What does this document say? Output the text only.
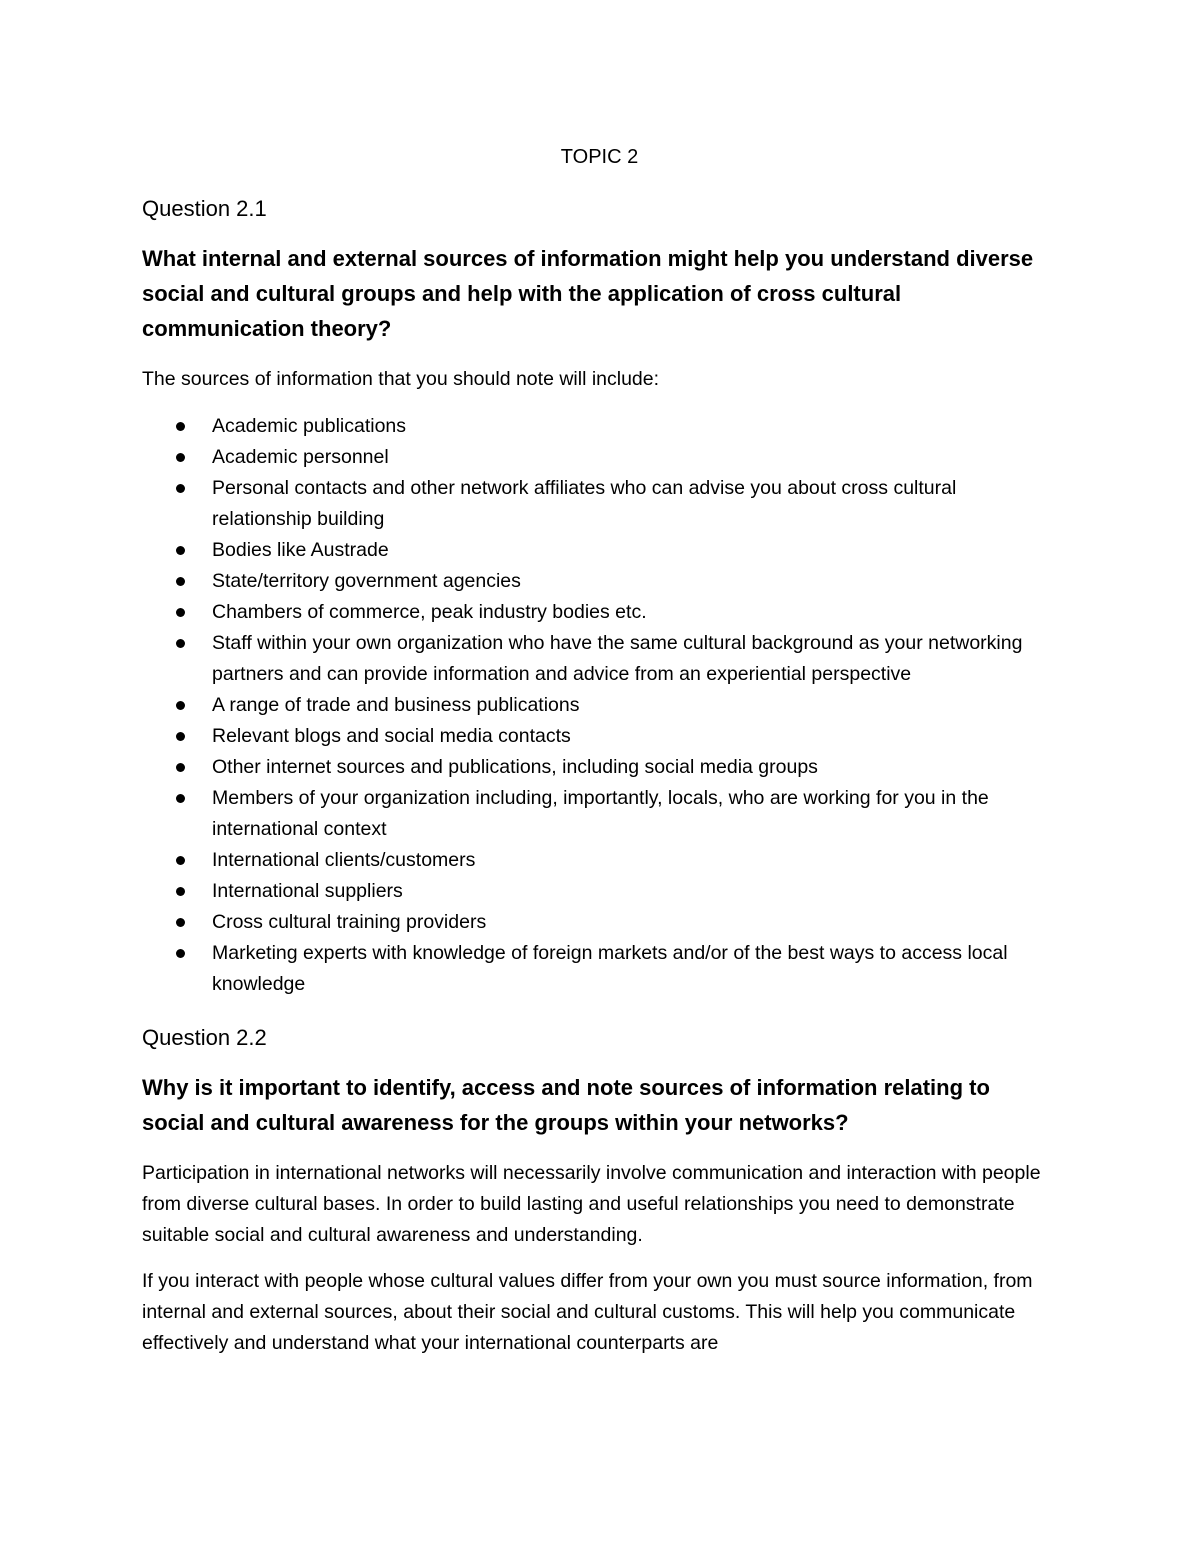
TOPIC 2
Question 2.1
What internal and external sources of information might help you understand diverse social and cultural groups and help with the application of cross cultural communication theory?
The sources of information that you should note will include:
Academic publications
Academic personnel
Personal contacts and other network affiliates who can advise you about cross cultural relationship building
Bodies like Austrade
State/territory government agencies
Chambers of commerce, peak industry bodies etc.
Staff within your own organization who have the same cultural background as your networking partners and can provide information and advice from an experiential perspective
A range of trade and business publications
Relevant blogs and social media contacts
Other internet sources and publications, including social media groups
Members of your organization including, importantly, locals, who are working for you in the international context
International clients/customers
International suppliers
Cross cultural training providers
Marketing experts with knowledge of foreign markets and/or of the best ways to access local knowledge
Question 2.2
Why is it important to identify, access and note sources of information relating to social and cultural awareness for the groups within your networks?
Participation in international networks will necessarily involve communication and interaction with people from diverse cultural bases. In order to build lasting and useful relationships you need to demonstrate suitable social and cultural awareness and understanding.
If you interact with people whose cultural values differ from your own you must source information, from internal and external sources, about their social and cultural customs. This will help you communicate effectively and understand what your international counterparts are
